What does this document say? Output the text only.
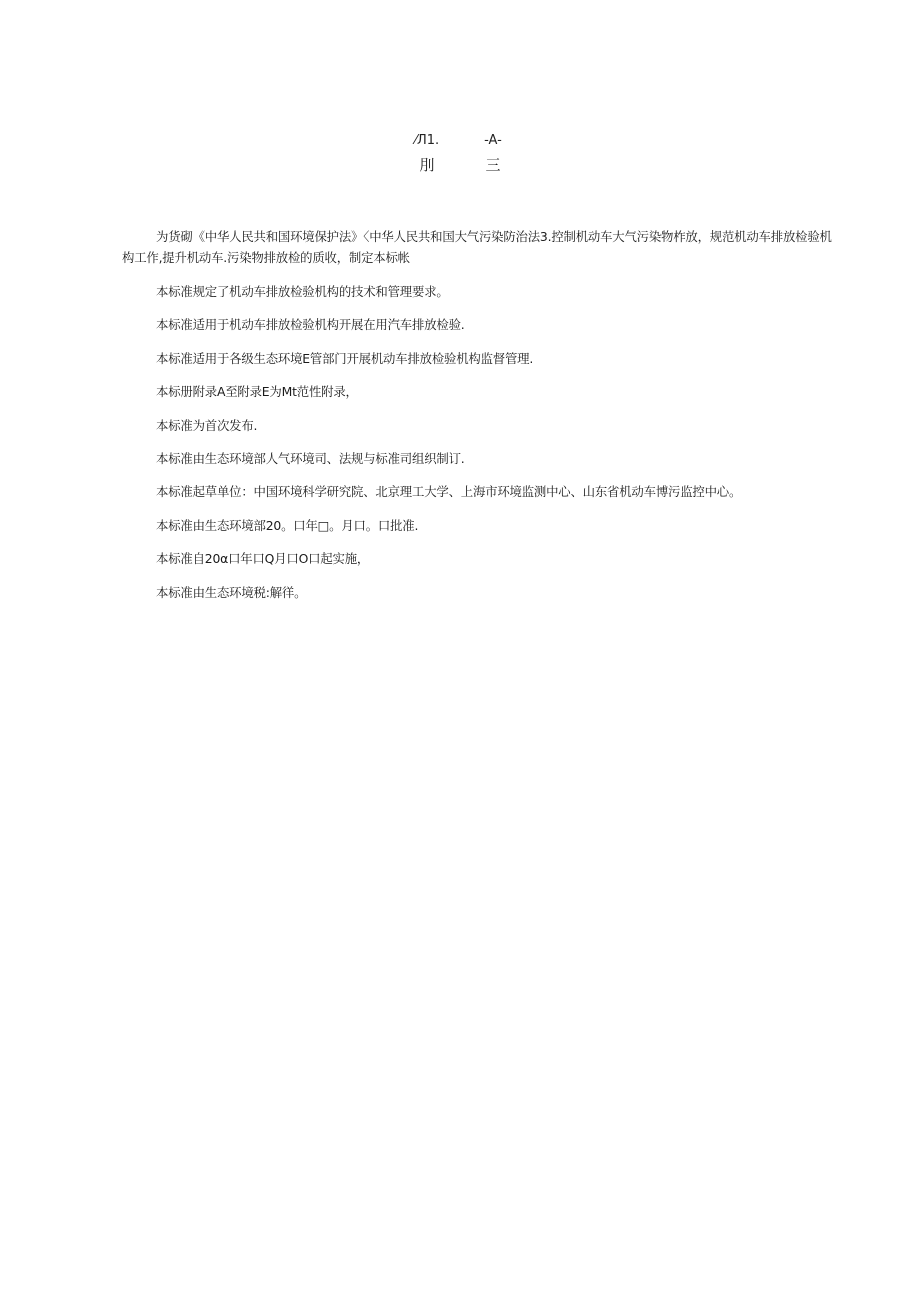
⁄Л1.	-A-
刖	三

为货砌《中华人民共和国环境保护法》〈中华人民共和国大气污染防治法3.控制机动车大气污染物柞放，规范机动车排放检验机构工作,提升机动车.污染物排放检的质收，制定本标帐

本标准规定了机动车排放检验机构的技术和管理要求。

本标准适用于机动车排放检验机构开展在用汽车排放检验.

本标准适用于各级生态环境E管部门开展机动车排放检验机构监督管理.

本标册附录A至附录E为Mt范性附录，

本标准为首次发布.

本标准由生态环境部人气环境司、法规与标准司组织制订.

本标准起草单位：中国环境科学研究院、北京理工大学、上海市环境监测中心、山东省机动车博污监控中心。

本标准由生态环境部20。口年□。月口。口批准.

本标准自20α口年口Q月口O口起实施，

本标准由生态环境税:解徉。
